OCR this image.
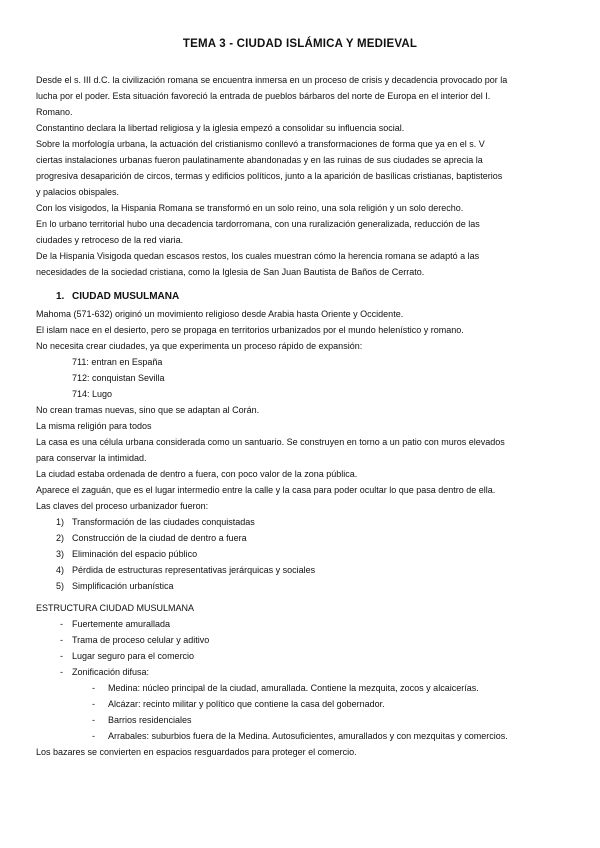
TEMA 3 - CIUDAD ISLÁMICA Y MEDIEVAL
Desde el s. III d.C. la civilización romana se encuentra inmersa en un proceso de crisis y decadencia provocado por la
lucha por el poder. Esta situación favoreció la entrada de pueblos bárbaros del norte de Europa en el interior del I.
Romano.
Constantino declara la libertad religiosa y la iglesia empezó a consolidar su influencia social.
Sobre la morfología urbana, la actuación del cristianismo conllevó a transformaciones de forma que ya en el s. V
ciertas instalaciones urbanas fueron paulatinamente abandonadas y en las ruinas de sus ciudades se aprecia la
progresiva desaparición de circos, termas y edificios políticos, junto a la aparición de basílicas cristianas, baptisterios
y palacios obispales.
Con los visigodos, la Hispania Romana se transformó en un solo reino, una sola religión y un solo derecho.
En lo urbano territorial hubo una decadencia tardorromana, con una ruralización generalizada, reducción de las
ciudades y retroceso de la red viaria.
De la Hispania Visigoda quedan escasos restos, los cuales muestran cómo la herencia romana se adaptó a las
necesidades de la sociedad cristiana, como la Iglesia de San Juan Bautista de Baños de Cerrato.
1. CIUDAD MUSULMANA
Mahoma (571-632) originó un movimiento religioso desde Arabia hasta Oriente y Occidente.
El islam nace en el desierto, pero se propaga en territorios urbanizados por el mundo helenístico y romano.
No necesita crear ciudades, ya que experimenta un proceso rápido de expansión:
711: entran en España
712: conquistan Sevilla
714: Lugo
No crean tramas nuevas, sino que se adaptan al Corán.
La misma religión para todos
La casa es una célula urbana considerada como un santuario. Se construyen en torno a un patio con muros elevados
para conservar la intimidad.
La ciudad estaba ordenada de dentro a fuera, con poco valor de la zona pública.
Aparece el zaguán, que es el lugar intermedio entre la calle y la casa para poder ocultar lo que pasa dentro de ella.
Las claves del proceso urbanizador fueron:
1) Transformación de las ciudades conquistadas
2) Construcción de la ciudad de dentro a fuera
3) Eliminación del espacio público
4) Pérdida de estructuras representativas jerárquicas y sociales
5) Simplificación urbanística
ESTRUCTURA CIUDAD MUSULMANA
- Fuertemente amurallada
- Trama de proceso celular y aditivo
- Lugar seguro para el comercio
- Zonificación difusa:
- Medina: núcleo principal de la ciudad, amurallada. Contiene la mezquita, zocos y alcaicerías.
- Alcázar: recinto militar y político que contiene la casa del gobernador.
- Barrios residenciales
- Arrabales: suburbios fuera de la Medina. Autosuficientes, amurallados y con mezquitas y comercios.
Los bazares se convierten en espacios resguardados para proteger el comercio.
